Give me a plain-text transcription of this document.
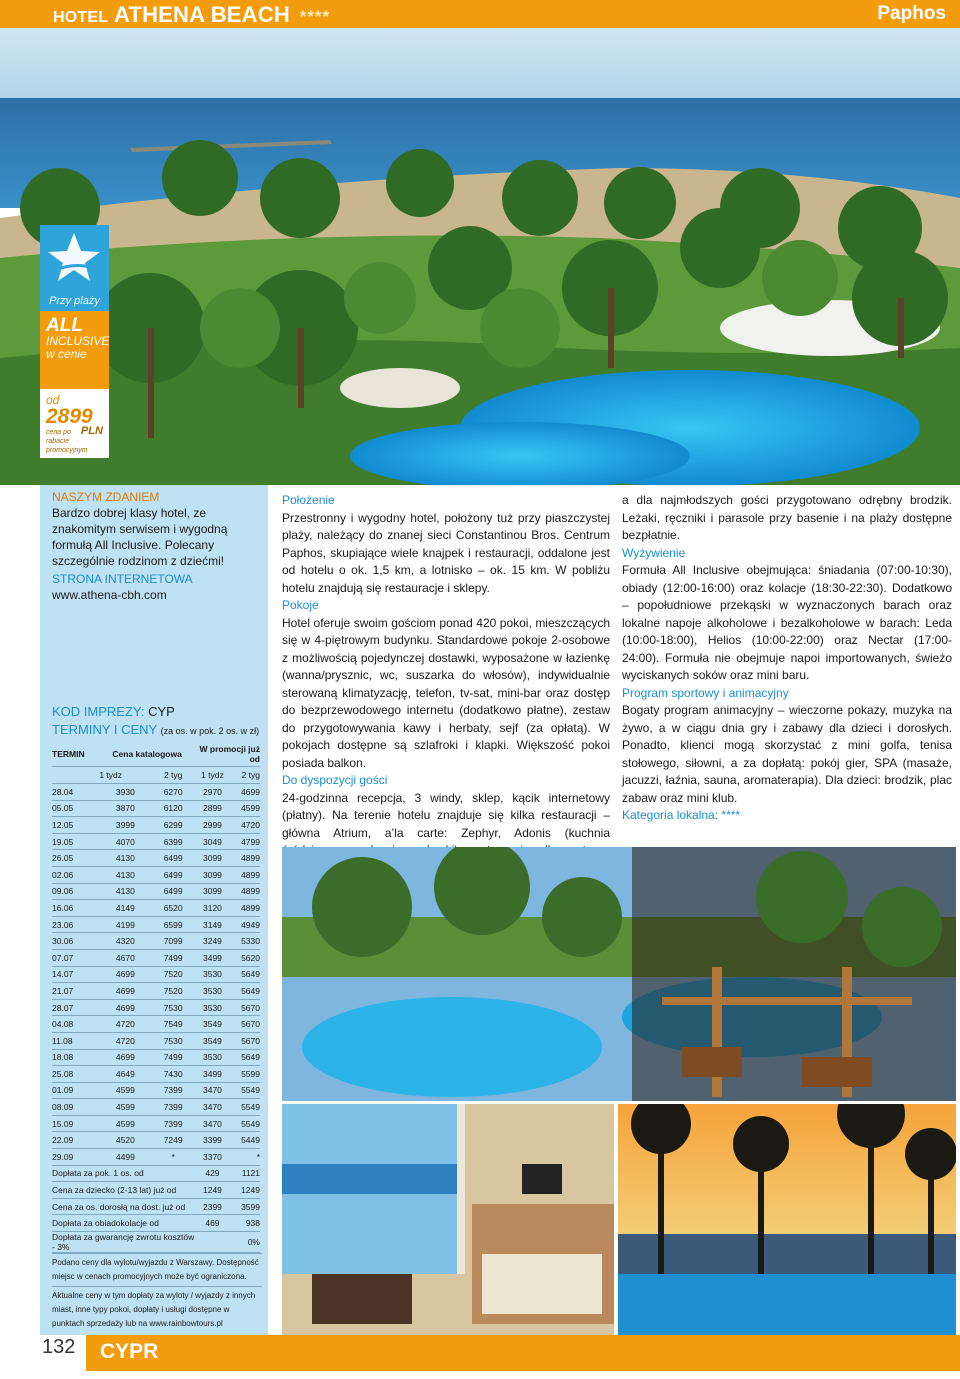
HOTEL ATHENA BEACH ****	Paphos
Przy plaży
ALL
INCLUSIVE
w cenie
od
2899
cena po PLN
rabacie promocyjnym
NASZYM ZDANIEM
Bardzo dobrej klasy hotel, ze znakomitym serwisem i wygodną formułą All Inclusive. Polecany szczególnie rodzinom z dziećmi!
STRONA INTERNETOWA
www.athena-cbh.com
KOD IMPREZY: CYP
TERMINY I CENY (za os. w pok. 2 os. w zł)
TERMIN	Cena katalogowa		W promocji już od	
	1 tydz	2 tyg	1 tydz	2 tyg
28.04	3930	6270	2970	4699
05.05	3870	6120	2899	4599
12.05	3999	6299	2999	4720
19.05	4070	6399	3049	4799
26.05	4130	6499	3099	4899
02.06	4130	6499	3099	4899
09.06	4130	6499	3099	4899
16.06	4149	6520	3120	4899
23.06	4199	6599	3149	4949
30.06	4320	7099	3249	5330
07.07	4670	7499	3499	5620
14.07	4699	7520	3530	5649
21.07	4699	7520	3530	5649
28.07	4699	7530	3530	5670
04.08	4720	7549	3549	5670
11.08	4720	7530	3549	5670
18.08	4699	7499	3530	5649
25.08	4649	7430	3499	5599
01.09	4599	7399	3470	5549
08.09	4599	7399	3470	5549
15.09	4599	7399	3470	5549
22.09	4520	7249	3399	5449
29.09	4499	*	3370	*
Dopłata za pok. 1 os. od			429	1121
Cena za dziecko (2-13 lat) już od			1249	1249
Cena za os. dorosłą na dost. już od			2399	3599
Dopłata za obiadokolacje od			469	938
Dopłata za gwarancję zwrotu kosztów - 3%				0%

Podano ceny dla wylotu/wyjazdu z Warszawy. Dostępność miejsc w cenach promocyjnych może być ograniczona.

Aktualne ceny w tym dopłaty za wyloty / wyjazdy z innych miast, inne typy pokoi, dopłaty i usługi dostępne w punktach sprzedaży lub na www.rainbowtours.pl

Położenie

Przestronny i wygodny hotel, położony tuż przy piaszczystej plaży, należący do znanej sieci Constantinou Bros. Centrum Paphos, skupiające wiele knajpek i restauracji, oddalone jest od hotelu o ok. 1,5 km, a lotnisko – ok. 15 km. W pobliżu hotelu znajdują się restauracje i sklepy.

Pokoje

Hotel oferuje swoim gościom ponad 420 pokoi, mieszczących się w 4-piętrowym budynku. Standardowe pokoje 2-osobowe z możliwością pojedynczej dostawki, wyposażone w łazienkę (wanna/prysznic, wc, suszarka do włosów), indywidualnie sterowaną klimatyzację, telefon, tv-sat, mini-bar oraz dostęp do bezprzewodowego internetu (dodatkowo płatne), zestaw do przygotowywania kawy i herbaty, sejf (za opłatą). W pokojach dostępne są szlafroki i klapki. Większość pokoi posiada balkon.

Do dyspozycji gości

24-godzinna recepcja, 3 windy, sklep, kącik internetowy (płatny). Na terenie hotelu znajduje się kilka restauracji – główna Atrium, a’la carte: Zephyr, Adonis (kuchnia

a dla najmłodszych gości przygotowano odrębny brodzik. Leżaki, ręczniki i parasole przy basenie i na plaży dostępne bezpłatnie.

Wyżywienie

Formuła All Inclusive obejmująca: śniadania (07:00-10:30), obiady (12:00-16:00) oraz kolacje (18:30-22:30). Dodatkowo – popołudniowe przekąski w wyznaczonych barach oraz lokalne napoje alkoholowe i bezalkoholowe w barach: Leda (10:00-18:00), Helios (10:00-22:00) oraz Nectar (17:00-24:00). Formuła nie obejmuje napoi importowanych, świeżo wyciskanych soków oraz mini baru.

Program sportowy i animacyjny

Bogaty program animacyjny – wieczorne pokazy, muzyka na żywo, a w ciągu dnia gry i zabawy dla dzieci i dorosłych. Ponadto, klienci mogą skorzystać z mini golfa, tenisa stołowego, siłowni, a za dopłatą: pokój gier, SPA (masaże, jacuzzi, łaźnia, sauna, aromaterapia). Dla dzieci: brodzik, plac zabaw oraz mini klub.

Kategoria lokalna: ****
132 CYPR
